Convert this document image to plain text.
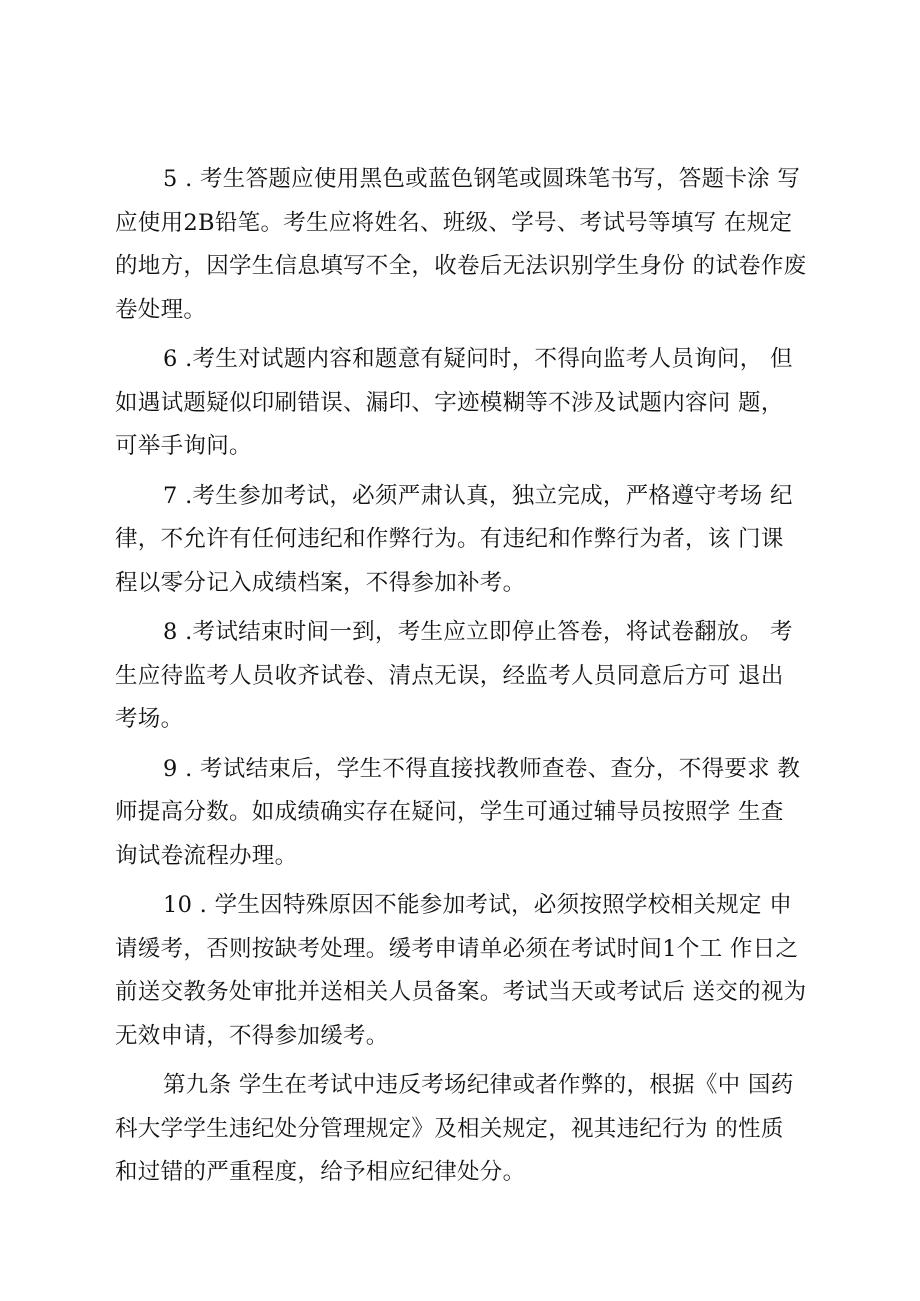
5 . 考生答题应使用黑色或蓝色钢笔或圆珠笔书写，答题卡涂 写
应使用2B铅笔。考生应将姓名、班级、学号、考试号等填写 在规定
的地方，因学生信息填写不全，收卷后无法识别学生身份 的试卷作废
卷处理。
6 .考生对试题内容和题意有疑问时，不得向监考人员询问， 但
如遇试题疑似印刷错误、漏印、字迹模糊等不涉及试题内容问 题，
可举手询问。
7 .考生参加考试，必须严肃认真，独立完成，严格遵守考场 纪
律，不允许有任何违纪和作弊行为。有违纪和作弊行为者，该 门课
程以零分记入成绩档案，不得参加补考。
8 .考试结束时间一到，考生应立即停止答卷，将试卷翻放。 考
生应待监考人员收齐试卷、清点无误，经监考人员同意后方可 退出
考场。
9 . 考试结束后，学生不得直接找教师查卷、查分，不得要求 教
师提高分数。如成绩确实存在疑问，学生可通过辅导员按照学 生查
询试卷流程办理。
10 . 学生因特殊原因不能参加考试，必须按照学校相关规定 申
请缓考，否则按缺考处理。缓考申请单必须在考试时间1个工 作日之
前送交教务处审批并送相关人员备案。考试当天或考试后 送交的视为
无效申请，不得参加缓考。
第九条 学生在考试中违反考场纪律或者作弊的，根据《中 国药
科大学学生违纪处分管理规定》及相关规定，视其违纪行为 的性质
和过错的严重程度，给予相应纪律处分。
